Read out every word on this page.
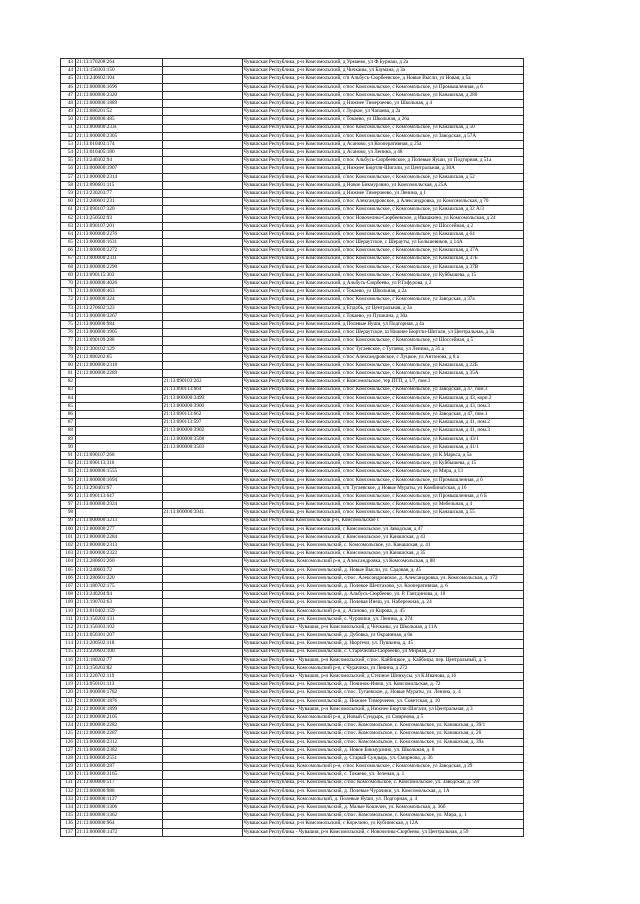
43	21:13:170208:264		Чувашская Республика, р-н Комсомольский, д Урмаево, ул Ф.Бурнаш, д 2а
44	21:13:150303:150		Чувашская Республика, р-н Комсомольский, д Чичканы, ул Баумана, д 3а
45	21:13:240602:104		Чувашская Республика, р-н Комсомольский, с/п Альбусь-Сюрбеевское, д Новые Высли, ул Новая, д 5а
46	21:13:000000:1696		Чувашская Республика, р-н Комсомольский, с/пос Комсомольское, с Комсомольское, ул Промышленная, д 6
47	21:13:000000:2320		Чувашская Республика, р-н Комсомольский, с/пос Комсомольское, с Комсомольское, ул Канашская, д 280
48	21:13:000000:1889		Чувашская Республика, р-н Комсомольский, д Нижнее Тимерчеево, ул Школьная, д 4
49	21:13:080201:52		Чувашская Республика, р-н Комсомольский, с Луцкое, ул Чапаева, д 2а
50	21:13:000000:485		Чувашская Республика, р-н Комсомольский, с Токаево, ул Школьная, д 26а
51	21:13:000000:233s		Чувашская Республика, р-н Комсомольский, с/пос Комсомольское, с Комсомольское, ул Канашская, д 50
52	21:13:000000:2305		Чувашская Республика, р-н Комсомольский, с/пос Комсомольское, с Комсомольское, ул Заводская, д 57А
53	21:13:010403:174		Чувашская Республика, р-н Комсомольский, д Асаново, ул Кооперативная, д 25а
54	21:13:010405:180		Чувашская Республика, р-н Комсомольский, д Асаново, ул Ленина, д 48
55	21:13:240302:94		Чувашская Республика, р-н Комсомольский, с/пос Альбусь-Сюрбеевское, д Полевые Яуши, ул Подгорная, д 51а
56	21:13:000000:1907		Чувашская Республика, р-н Комсомольский, д Нижнее Бюртли-Шигали, ул Центральная, д 30А
57	21:13:000000:2314		Чувашская Республика, р-н Комсомольский, с/пос Комсомольское, с Комсомольское, ул Канашская, д 52
58	21:13:090601:115		Чувашская Республика, р-н Комсомольский, д Новое Бикмурзино, ул Комсомольская, д 25А
59	21:13:230203:77		Чувашская Республика, р-н Комсомольский, д Нижнее Тимерчеево, ул Ленина, д 1
60	21:13:280601:231		Чувашская Республика, р-н Комсомольский, с/пос Александровское, д Александровка, ул Комсомольская, д 70
61	21:13:090107:320		Чувашская Республика, р-н Комсомольский, с/пос Комсомольское, с Комсомольское, ул Канашская, д 32 А/3
62	21:13:250502:93		Чувашская Республика, р-н Комсомольский, с/пос Новочелны-Сюрбеевское, д Ивашкино, ул Комсомольская, д 24
63	21:13:090107:201		Чувашская Республика, р-н Комсомольский, с/пос Комсомольское, с Комсомольское, ул Шоссейная, д 2
64	21:13:000000:2276		Чувашская Республика, р-н Комсомольский, с/пос Комсомольское, с Комсомольское, ул Канашская, д 64
65	21:13:000000:1631		Чувашская Республика, р-н Комсомольский, с/пос Шераутское, с Шерауты, ул Большевиков, д 14А
66	21:13:000000:2272		Чувашская Республика, р-н Комсомольский, с/пос Комсомольское, с Комсомольское, ул Канашская, д 37А
67	21:13:000000:2311		Чувашская Республика, р-н Комсомольский, с/пос Комсомольское, с Комсомольское, ул Канашская, д 37Б
68	21:13:000000:2290		Чувашская Республика, р-н Комсомольский, с/пос Комсомольское, с Комсомольское, ул Канашская, д 37В
69	21:13:090115:303		Чувашская Республика, р-н Комсомольский, с/пос Комсомольское, с Комсомольское, ул Куйбышева, д 15
70	21:13:000000:4026		Чувашская Республика, р-н Комсомольский, д Альбусь-Сюрбеево, ул Р.Гафурова, д 2
71	21:13:000000:463		Чувашская Республика, р-н Комсомольский, с Токаево, ул Школьная, д 2а
72	21:13:000000:324		Чувашская Республика, р-н Комсомольский, с/пос Комсомольское, с Комсомольское, ул Заводская, д 37а
73	21:13:270602:123		Чувашская Республика, р-н Комсомольский, д Епдобь, ул Центральная, д 3а
74	21:13:000000:3267		Чувашская Республика, р-н Комсомольский, с Токаево, ул Пушкина, д 30а
75	21:13:000000:984		Чувашская Республика, р-н Комсомольский, д Полевые Яуши, ул Подгорная, д 4а
76	21:13:000000:1905		Чувашская Республика, р-н Комсомольский, с/пос Шераутское, ш Нижнее Бюртли-Шигали, ул Центральная, д 3а
77	21:13:090109:288		Чувашская Республика, р-н Комсомольский, с/пос Комсомольское, с Комсомольское, ул Шоссейная, д 5
78	21:13:300102:129		Чувашская Республика, р-н Комсомольский, с/пос Тугаевское, с Тугаево, ул Ленина, д 31 а
79	21:13:080202:65		Чувашская Республика, р-н Комсомольский, с/пос Александровское, с Луцкое, ул Антонова, д 8 а
80	21:13:000000:2318		Чувашская Республика, р-н Комсомольский, с/пос Комсомольское, с Комсомольское, ул Канашская, д 22Б
81	21:13:000000:2289		Чувашская Республика, р-н Комсомольский, с/пос Комсомольское, с Комсомольское, ул Канашская, д 35А
82		21:13:090103:262	Чувашская Республика, р-н Комсомольский, с Комсомольское, тер ПТП, д 1/7, пом.1
83		21:13:090113:664	Чувашская Республика, р-н Комсомольский, с/пос Комсомольское, с Комсомольское, ул Заводская, д 47, пом.3
84		21:13:000000:3499	Чувашская Республика, р-н Комсомольский, с/пос Комсомольское, с Комсомольское, ул Канашская, д 43, корп.2
85		21:13:000000:3900	Чувашская Республика, р-н Комсомольский, с/пос Комсомольское, с Комсомольское, ул Канашская, д 43, пом.3
86		21:13:090113:662	Чувашская Республика, р-н Комсомольский, с/пос Комсомольское, с Комсомольское, ул Заводская, д 47, пом.1
87		21:13:090113:597	Чувашская Республика, р-н Комсомольский, с/пос Комсомольское, с Комсомольское, ул Канашская, д 41, пом.2
88		21:13:000000:3902	Чувашская Республика, р-н Комсомольский, с/пос Комсомольское, с Комсомольское, ул Канашская, д 41, пом.3
89		21:13:000000:3508	Чувашская Республика, р-н Комсомольский, с/пос Комсомольское, с Комсомольское, ул Канашская, д 43/1
90		21:13:000000:3503	Чувашская Республика, р-н Комсомольский, с/пос Комсомольское, с Комсомольское, ул Канашская, д 41/1
91	21:13:090107:268		Чувашская Республика, р-н Комсомольский, с/пос Комсомольское, с Комсомольское, ул К.Маркса, д 5а
92	21:13:090113:316		Чувашская Республика, р-н Комсомольский, с/пос Комсомольское, с Комсомольское, ул Куйбышева, д 15
93	21:13:000000:1555		Чувашская Республика, р-н Комсомольский, с/пос Комсомольское, с Комсомольское, ул Мира, д 13
94	21:13:000000:1694		Чувашская Республика, р-н Комсомольский, с/пос Комсомольское, с Комсомольское, ул Промышленная, д 6
95	21:13:290401:97		Чувашская Республика, р-н Комсомольский, с/п Тугаевское, д Новые Мураты, ул Комбинатская, д 16
96	21:13:090113:647		Чувашская Республика, р-н Комсомольский, с/пос Комсомольское, с Комсомольское, ул Промышленная, д 6 Б
97	21:13:000000:2924		Чувашская Республика, р-н Комсомольский, с/пос Комсомольское, с Комсомольское, ул Мебельная, д 4
98		21:13:000000:3941	Чувашская Республика, р-н Комсомольский, с/пос Комсомольское, с Комсомольское, ул Канашская, д 55
99	21:13:000000:3213		Чувашская Республика Комсомольский р-н, Комсомольское с
100	21:13:000000:277		Чувашская Республика, р-н Комсомольский, с Комсомольское, ул Заводская, д 47
101	21:13:000000:2284		Чувашская Республика, р-н Комсомольский, с Комсомольское, ул Канашская, д 43
102	21:13:000000:2313		Чувашская Республика, р-н. Комсомольский, с. Комсомольское, ул. Канашская, д. 41
103	21:13:000000:2322		Чувашская Республика, р-н Комсомольский, с Комсомольское, ул Канашская, д 35
104	21:13:280601:260		Чувашская Республика, Комсомольский р-н, д Александровка, ул Комсомольская, д 88
105	21:13:240603:72		Чувашская Республика, р-н. Комсомольский, д. Новые Высли, ул. Садовая, д. 45
106	21:13:280601:220		Чувашская Республика, р-н. Комсомольский, с/пос. Александровское, д. Александровка, ул. Комсомольская, д. 172
107	21:13:180702:175		Чувашская Республика, р-н. Комсомольский, д. Полевое Шептахово, ул. Кооперативная, д. 6
108	21:13:240204:94		Чувашская Республика, р-н. Комсомольский, д. Альбусь-Сюрбеево, ул. Р. Гаитдинова, д. 18
109	21:13:190703:63		Чувашская Республика, р-н. Комсомольский, д. Полевая Инеш, ул. Набережная, д. 24
110	21:13:010402:159		Чувашская Республика, Комсомольский р-н, д. Асаново, ул Кирова, д. 45
111	21:13:150203:131		Чувашская Республика, р-н. Комсомольский, с. Чурачики, ул. Ленина, д. 274
112	21:13:150303:102		Чувашская Республика - Чувашия, р-н Комсомольский, д Чичканы, ул Школьная, д 11А
113	21:13:050301:207		Чувашская Республика, р-н. Комсомольский, д. Дубовка, ул Окраинная, д 6в
114	21:13:200502:118		Чувашская Республика, р-н. Комсомольский, д. Нюргечи, ул. Пушкина, д. 45
115	21:13:220603:100		Чувашская Республика, р-н. Комсомольский, с. Старочелны-Сюрбеево, ул Мирная, д 2
116	21:13:180202:77		Чувашская Республика - Чувашия, р-н Комсомольский, с/пос. Кайбицкое, д. Кайбицы, пер. Центральный, д. 5
117	21:13:150203:82		Чувашская Республика, Комсомольский р-н, с Чурачики, ул Ленина, д 273
118	21:13:220702:119		Чувашская Республика - Чувашия, р-н Комсомольский, д Степное Шинкусы, ул К.Иванова, д 16
119	21:13:050101:113		Чувашская Республика, р-н. Комсомольский, д. Починок-Инеш, ул. Комсомольская, д. 72
120	21:13:000000:1782		Чувашская Республика, р-н. Комсомольский, с/пос. Тугаевское, д. Новые Мураты, ул. Ленина, д. 4
121	21:13:000000:1876		Чувашская Республика, р-н. Комсомольский, д. Нижнее Тимерчеево, ул. Советская, д. 10
122	21:13:000000:1899		Чувашская Республика - Чувашия, р-н Комсомольский, д Нижнее Бюртли-Шигали, ул Центральная, д 3
123	21:13:000000:2105		Чувашская Республика, Комсомольский р-н, д Новый Сундырь, ул Смирнова, д 5
124	21:13:000000:2282		Чувашская Республика, р-н. Комсомольский, с/пос. Комсомольское, с. Комсомольское, ул. Канашская, д. 39/1
125	21:13:000000:2287		Чувашская Республика, р-н. Комсомольский, с/пос. Комсомольское, с. Комсомольское, ул. Канашская, д. 26
126	21:13:000000:2312		Чувашская Республика, р-н. Комсомольский, с/пос. Комсомольское, с. Комсомольское, ул. Канашская, д. 39а
127	21:13:000000:2382		Чувашская Республика, р-н. Комсомольский, д. Новое Бикмурзино, ул. Школьная, д. 6
128	21:13:000000:2551		Чувашская Республика, р-н. Комсомольский, д. Старый Сундырь, ул. Смирнова, д. 36
129	21:13:000000:287		Чувашская Республика, Комсомольский р-н, с/пос Комсомольское, с Комсомольское, ул Заводская, д 29
130	21:13:000000:3165		Чувашская Республика, р-н. Комсомольский, с. Токаево, ул. Зеленая, д. 1
131	21:13:000000:517		Чувашская Республика, р-н. Комсомольский, с/пос Комсомольское, с. Комсомольское, ул. Заводская, д. 59г
132	21:13:000000:988		Чувашская Республика, р-н. Комсомольский, д. Полевые Чурачики, ул. Комсомольская, д. 1А
133	21:13:000000:1137		Чувашская Республика, Комсомольский, д. Полевые Яуши, ул. Подгорная, д. 4
134	21:13:000000:1306		Чувашская Республика, р-н. Комсомольский, д. Малые Кошелеи, ул. Комсомольская, д. 36б
135	21:13:000000:1362		Чувашская Республика, р-н. Комсомольский, с/пос. Комсомольское, с. Комсомольское, ул. Мира, д. 1
136	21:13:000000:964		Чувашская Республика, р-н Комсомольский, с Корелино, ул Кубнинская, д 12А
137	21:13:000000:1472		Чувашская Республика - Чувашия, р-н Комсомольский, с Новочелны-Сюрбеево, ул Центральная, д 59
